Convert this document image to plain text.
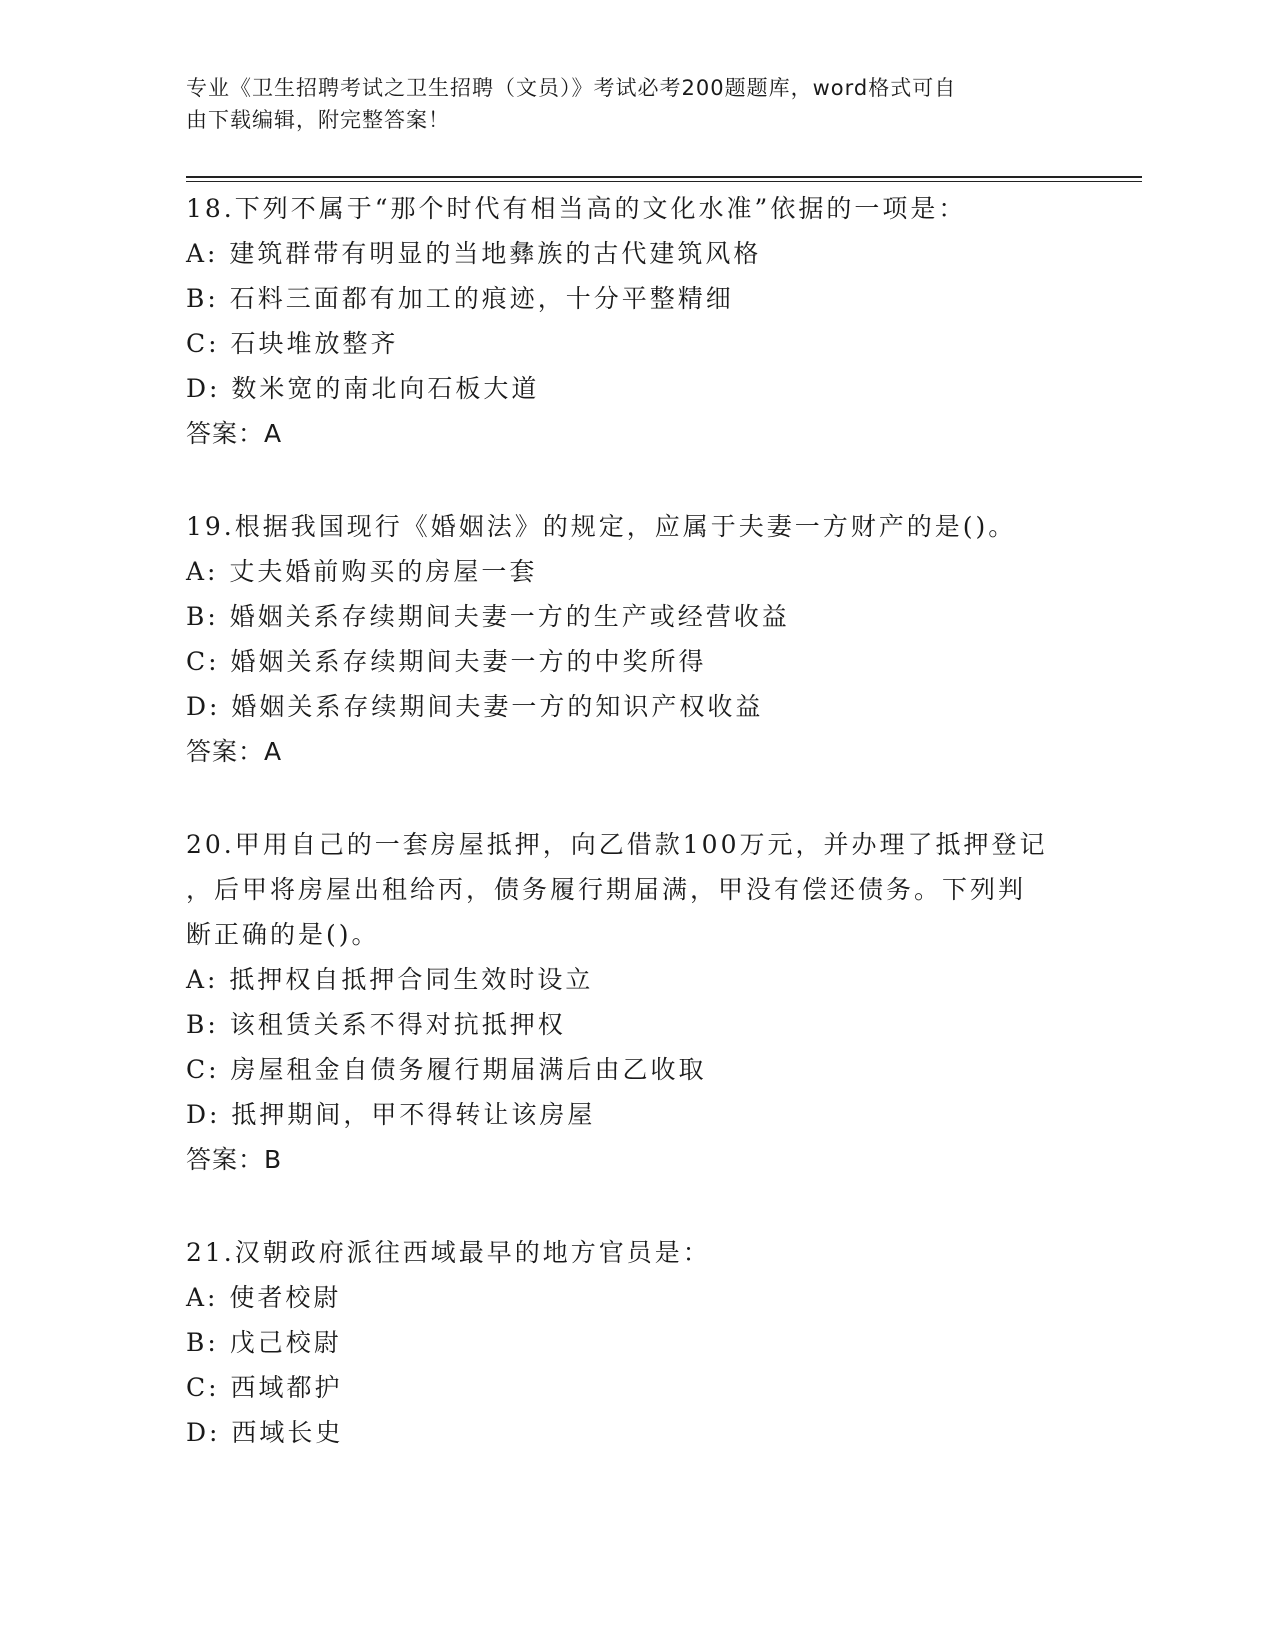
专业《卫生招聘考试之卫生招聘（文员）》考试必考200题题库，word格式可自
由下载编辑，附完整答案！
18.下列不属于“那个时代有相当高的文化水准”依据的一项是：
A: 建筑群带有明显的当地彝族的古代建筑风格
B: 石料三面都有加工的痕迹，十分平整精细
C: 石块堆放整齐
D: 数米宽的南北向石板大道
答案：A
19.根据我国现行《婚姻法》的规定，应属于夫妻一方财产的是()。
A: 丈夫婚前购买的房屋一套
B: 婚姻关系存续期间夫妻一方的生产或经营收益
C: 婚姻关系存续期间夫妻一方的中奖所得
D: 婚姻关系存续期间夫妻一方的知识产权收益
答案：A
20.甲用自己的一套房屋抵押，向乙借款100万元，并办理了抵押登记
，后甲将房屋出租给丙，债务履行期届满，甲没有偿还债务。下列判
断正确的是()。
A: 抵押权自抵押合同生效时设立
B: 该租赁关系不得对抗抵押权
C: 房屋租金自债务履行期届满后由乙收取
D: 抵押期间，甲不得转让该房屋
答案：B
21.汉朝政府派往西域最早的地方官员是：
A: 使者校尉
B: 戊己校尉
C: 西域都护
D: 西域长史
